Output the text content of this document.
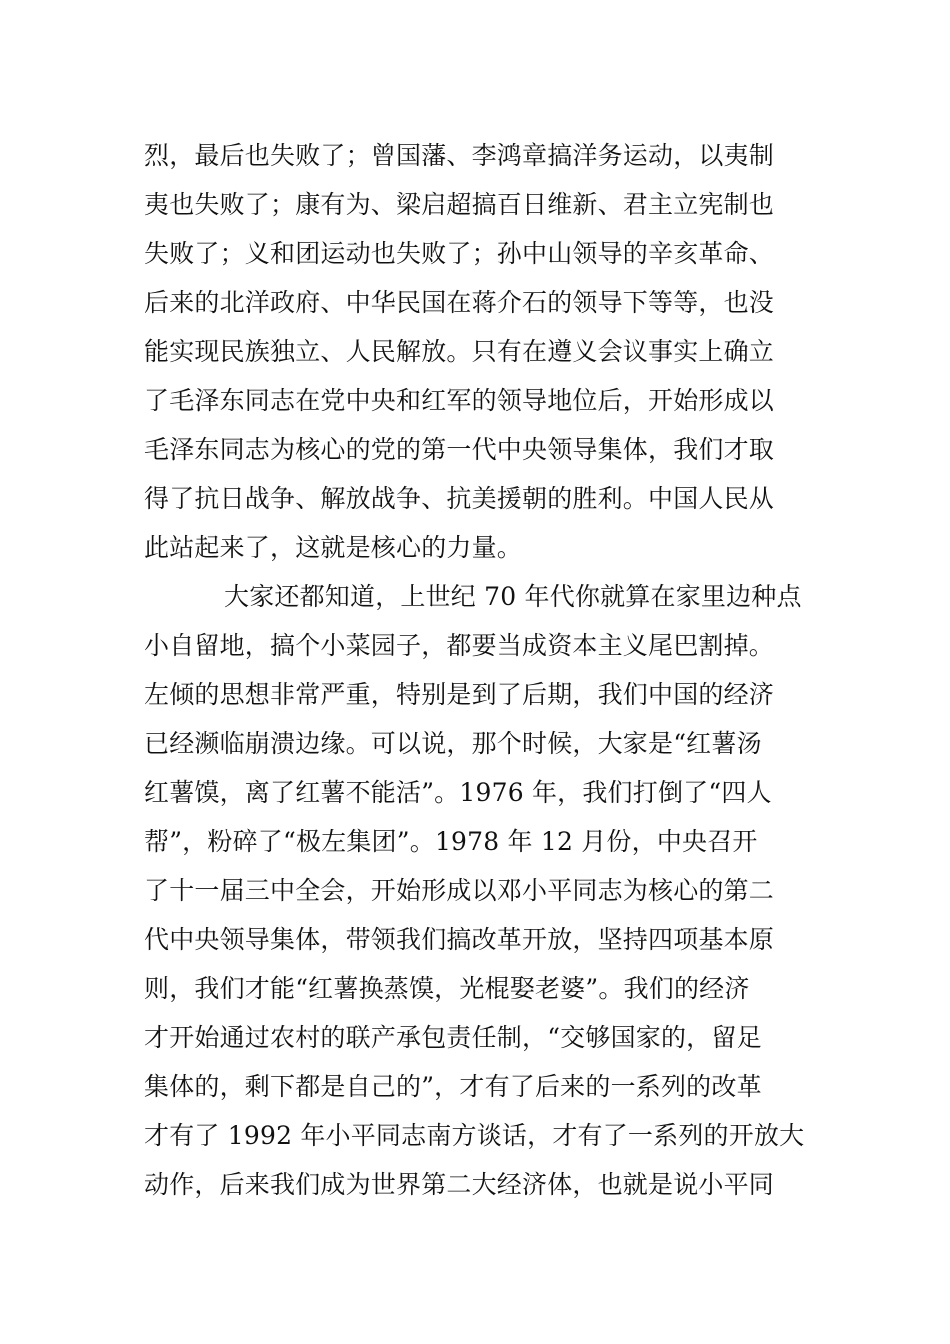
烈，最后也失败了；曾国藩、李鸿章搞洋务运动，以夷制
夷也失败了；康有为、梁启超搞百日维新、君主立宪制也
失败了；义和团运动也失败了；孙中山领导的辛亥革命、
后来的北洋政府、中华民国在蒋介石的领导下等等，也没
能实现民族独立、人民解放。只有在遵义会议事实上确立
了毛泽东同志在党中央和红军的领导地位后，开始形成以
毛泽东同志为核心的党的第一代中央领导集体，我们才取
得了抗日战争、解放战争、抗美援朝的胜利。中国人民从
此站起来了，这就是核心的力量。
大家还都知道，上世纪 70 年代你就算在家里边种点
小自留地，搞个小菜园子，都要当成资本主义尾巴割掉。
左倾的思想非常严重，特别是到了后期，我们中国的经济
已经濒临崩溃边缘。可以说，那个时候，大家是“红薯汤
红薯馍，离了红薯不能活”。1976 年，我们打倒了“四人
帮”，粉碎了“极左集团”。1978 年 12 月份，中央召开
了十一届三中全会，开始形成以邓小平同志为核心的第二
代中央领导集体，带领我们搞改革开放，坚持四项基本原
则，我们才能“红薯换蒸馍，光棍娶老婆”。我们的经济
才开始通过农村的联产承包责任制，“交够国家的，留足
集体的，剩下都是自己的”，才有了后来的一系列的改革
才有了 1992 年小平同志南方谈话，才有了一系列的开放大
动作，后来我们成为世界第二大经济体，也就是说小平同
